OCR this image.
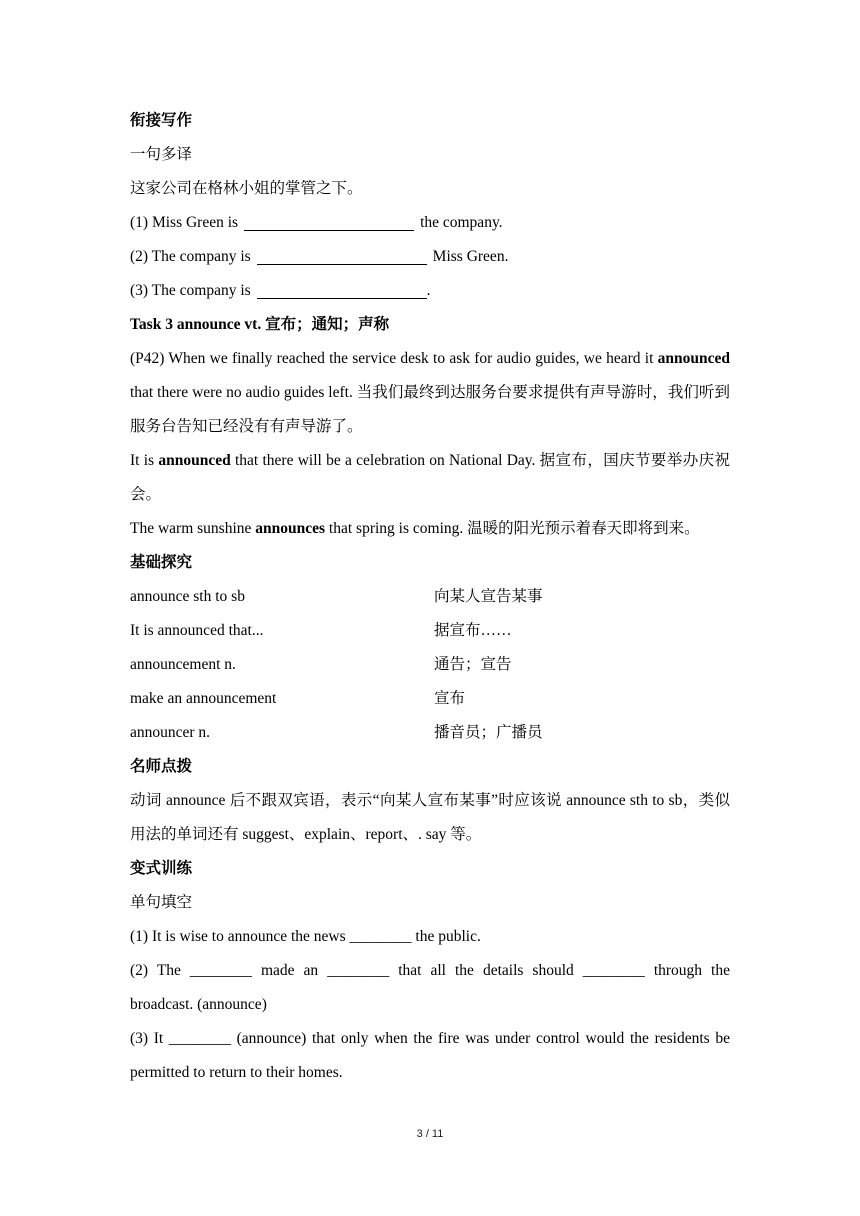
衔接写作
一句多译
这家公司在格林小姐的掌管之下。
(1) Miss Green is	the company.
(2) The company is	Miss Green.
(3) The company is	.
Task 3 announce vt. 宣布；通知；声称

(P42) When we finally reached the service desk to ask for audio guides, we heard it announced that there were no audio guides left. 当我们最终到达服务台要求提供有声导游时，我们听到服务台告知已经没有有声导游了。

It is announced that there will be a celebration on National Day. 据宣布，国庆节要举办庆祝会。

The warm sunshine announces that spring is coming. 温暖的阳光预示着春天即将到来。

基础探究
announce sth to sb	向某人宣告某事
It is announced that...	据宣布……
announcement n.	通告；宣告
make an announcement	宣布
announcer n.	播音员；广播员
名师点拨

动词 announce 后不跟双宾语，表示“向某人宣布某事”时应该说 announce sth to sb，类似用法的单词还有 suggest、explain、report、. say 等。

变式训练
单句填空

(1) It is wise to announce the news ________ the public.

(2) The ________ made an ________ that all the details should ________ through the broadcast. (announce)

(3) It ________ (announce) that only when the fire was under control would the residents be permitted to return to their homes.

3 / 11
